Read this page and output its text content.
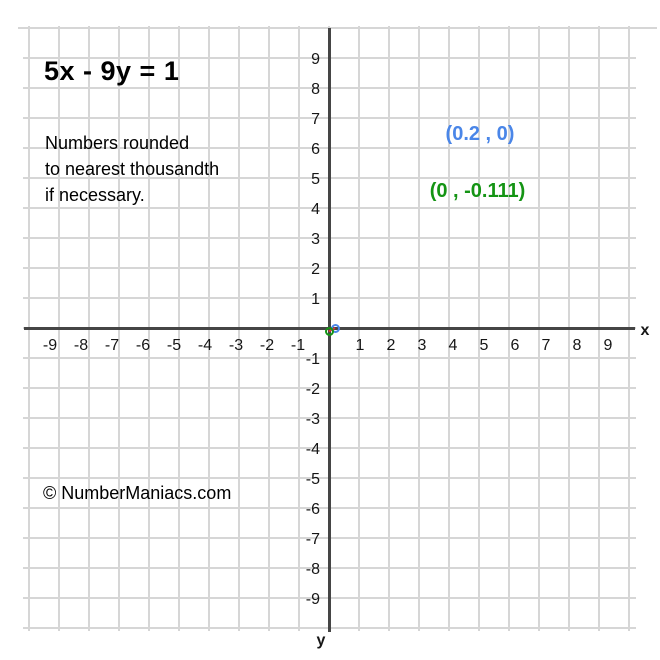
-9	-8	-7	-6	-5	-4	-3	-2	-1	1	2	3	4	5	6	7	8	9
-9
-8
-7
-6
-5
-4
-3
-2
-1
1
2
3
4
5
6
7
8
9
x
y
5x - 9y = 1
Numbers rounded
to nearest thousandth
if necessary.
(0.2 , 0)
(0 , -0.111)
© NumberManiacs.com
